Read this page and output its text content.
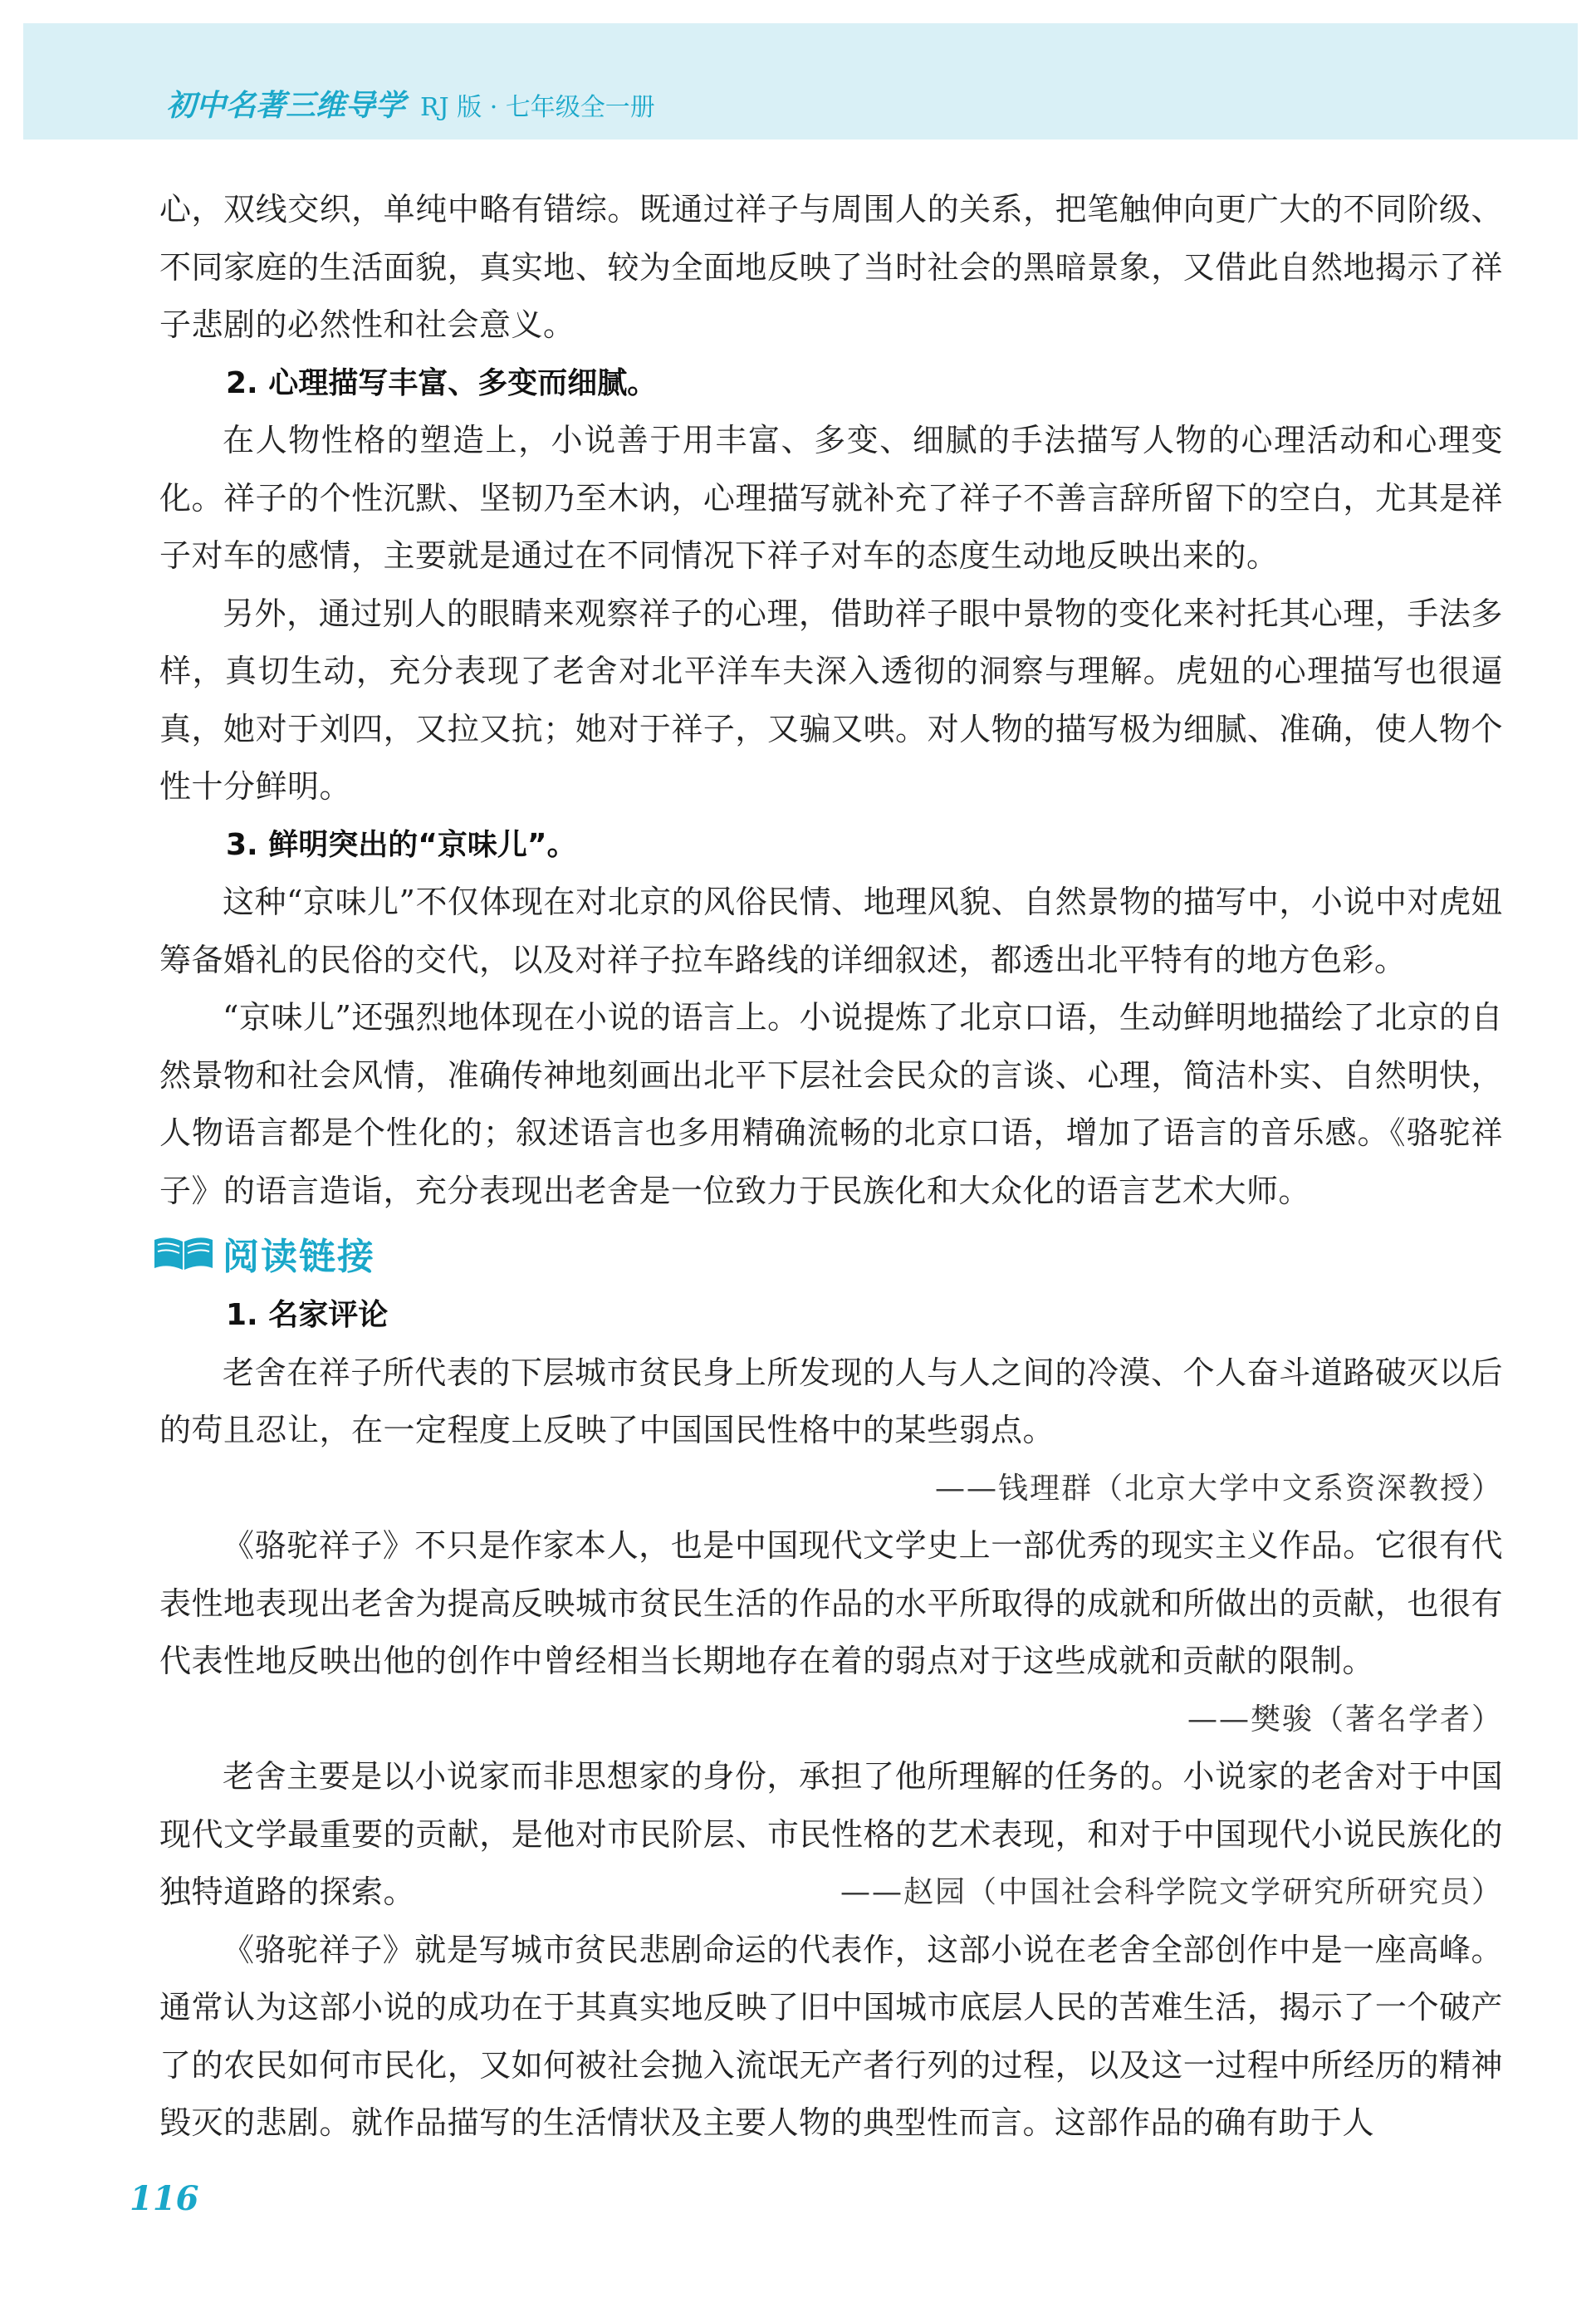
初中名著三维导学 RJ 版 · 七年级全一册

心，双线交织，单纯中略有错综。既通过祥子与周围人的关系，把笔触伸向更广大的不同阶级、不同家庭的生活面貌，真实地、较为全面地反映了当时社会的黑暗景象，又借此自然地揭示了祥子悲剧的必然性和社会意义。

2. 心理描写丰富、多变而细腻。

在人物性格的塑造上，小说善于用丰富、多变、细腻的手法描写人物的心理活动和心理变化。祥子的个性沉默、坚韧乃至木讷，心理描写就补充了祥子不善言辞所留下的空白，尤其是祥子对车的感情，主要就是通过在不同情况下祥子对车的态度生动地反映出来的。

另外，通过别人的眼睛来观察祥子的心理，借助祥子眼中景物的变化来衬托其心理，手法多样，真切生动，充分表现了老舍对北平洋车夫深入透彻的洞察与理解。虎妞的心理描写也很逼真，她对于刘四，又拉又抗；她对于祥子，又骗又哄。对人物的描写极为细腻、准确，使人物个性十分鲜明。

3. 鲜明突出的“京味儿”。

这种“京味儿”不仅体现在对北京的风俗民情、地理风貌、自然景物的描写中，小说中对虎妞筹备婚礼的民俗的交代，以及对祥子拉车路线的详细叙述，都透出北平特有的地方色彩。

“京味儿”还强烈地体现在小说的语言上。小说提炼了北京口语，生动鲜明地描绘了北京的自然景物和社会风情，准确传神地刻画出北平下层社会民众的言谈、心理，简洁朴实、自然明快，人物语言都是个性化的；叙述语言也多用精确流畅的北京口语，增加了语言的音乐感。《骆驼祥子》的语言造诣，充分表现出老舍是一位致力于民族化和大众化的语言艺术大师。

阅读链接

1. 名家评论

老舍在祥子所代表的下层城市贫民身上所发现的人与人之间的冷漠、个人奋斗道路破灭以后的苟且忍让，在一定程度上反映了中国国民性格中的某些弱点。

——钱理群（北京大学中文系资深教授）

《骆驼祥子》不只是作家本人，也是中国现代文学史上一部优秀的现实主义作品。它很有代表性地表现出老舍为提高反映城市贫民生活的作品的水平所取得的成就和所做出的贡献，也很有代表性地反映出他的创作中曾经相当长期地存在着的弱点对于这些成就和贡献的限制。

——樊骏（著名学者）

老舍主要是以小说家而非思想家的身份，承担了他所理解的任务的。小说家的老舍对于中国现代文学最重要的贡献，是他对市民阶层、市民性格的艺术表现，和对于中国现代小说民族化的独特道路的探索。	——赵园（中国社会科学院文学研究所研究员）

《骆驼祥子》就是写城市贫民悲剧命运的代表作，这部小说在老舍全部创作中是一座高峰。通常认为这部小说的成功在于其真实地反映了旧中国城市底层人民的苦难生活，揭示了一个破产了的农民如何市民化，又如何被社会抛入流氓无产者行列的过程，以及这一过程中所经历的精神毁灭的悲剧。就作品描写的生活情状及主要人物的典型性而言。这部作品的确有助于人

116
